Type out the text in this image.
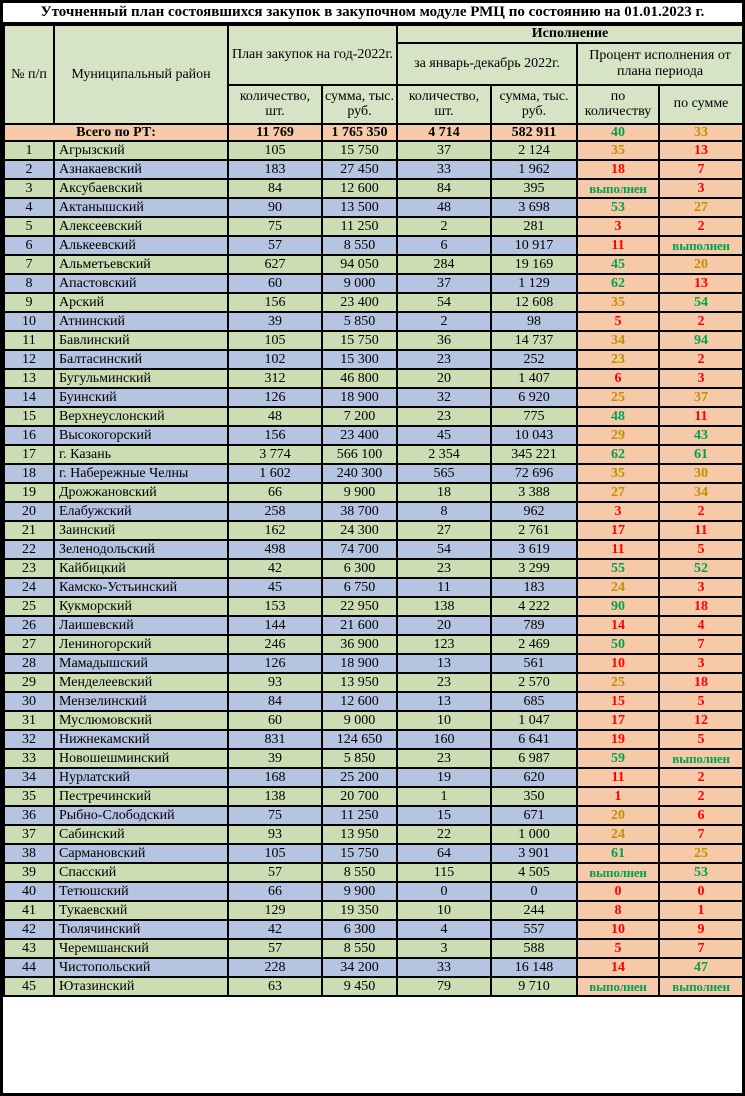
Уточненный план состоявшихся закупок в закупочном модуле РМЦ по состоянию на 01.01.2023 г.
№ п/п	Муниципальный район	План закупок на год-2022г.		Исполнение			
				за январь-декабрь 2022г.		Процент исполнения от плана периода	
		количество, шт.	сумма, тыс. руб.	количество, шт.	сумма, тыс. руб.	по количеству	по сумме
Всего по РТ:		11 769	1 765 350	4 714	582 911	40	33
1	Агрызский	105	15 750	37	2 124	35	13
2	Азнакаевский	183	27 450	33	1 962	18	7
3	Аксубаевский	84	12 600	84	395	выполнен	3
4	Актанышский	90	13 500	48	3 698	53	27
5	Алексеевский	75	11 250	2	281	3	2
6	Алькеевский	57	8 550	6	10 917	11	выполнен
7	Альметьевский	627	94 050	284	19 169	45	20
8	Апастовский	60	9 000	37	1 129	62	13
9	Арский	156	23 400	54	12 608	35	54
10	Атнинский	39	5 850	2	98	5	2
11	Бавлинский	105	15 750	36	14 737	34	94
12	Балтасинский	102	15 300	23	252	23	2
13	Бугульминский	312	46 800	20	1 407	6	3
14	Буинский	126	18 900	32	6 920	25	37
15	Верхнеуслонский	48	7 200	23	775	48	11
16	Высокогорский	156	23 400	45	10 043	29	43
17	г. Казань	3 774	566 100	2 354	345 221	62	61
18	г. Набережные Челны	1 602	240 300	565	72 696	35	30
19	Дрожжановский	66	9 900	18	3 388	27	34
20	Елабужский	258	38 700	8	962	3	2
21	Заинский	162	24 300	27	2 761	17	11
22	Зеленодольский	498	74 700	54	3 619	11	5
23	Кайбицкий	42	6 300	23	3 299	55	52
24	Камско-Устьинский	45	6 750	11	183	24	3
25	Кукморский	153	22 950	138	4 222	90	18
26	Лаишевский	144	21 600	20	789	14	4
27	Лениногорский	246	36 900	123	2 469	50	7
28	Мамадышский	126	18 900	13	561	10	3
29	Менделеевский	93	13 950	23	2 570	25	18
30	Мензелинский	84	12 600	13	685	15	5
31	Муслюмовский	60	9 000	10	1 047	17	12
32	Нижнекамский	831	124 650	160	6 641	19	5
33	Новошешминский	39	5 850	23	6 987	59	выполнен
34	Нурлатский	168	25 200	19	620	11	2
35	Пестречинский	138	20 700	1	350	1	2
36	Рыбно-Слободский	75	11 250	15	671	20	6
37	Сабинский	93	13 950	22	1 000	24	7
38	Сармановский	105	15 750	64	3 901	61	25
39	Спасский	57	8 550	115	4 505	выполнен	53
40	Тетюшский	66	9 900	0	0	0	0
41	Тукаевский	129	19 350	10	244	8	1
42	Тюлячинский	42	6 300	4	557	10	9
43	Черемшанский	57	8 550	3	588	5	7
44	Чистопольский	228	34 200	33	16 148	14	47
45	Ютазинский	63	9 450	79	9 710	выполнен	выполнен
